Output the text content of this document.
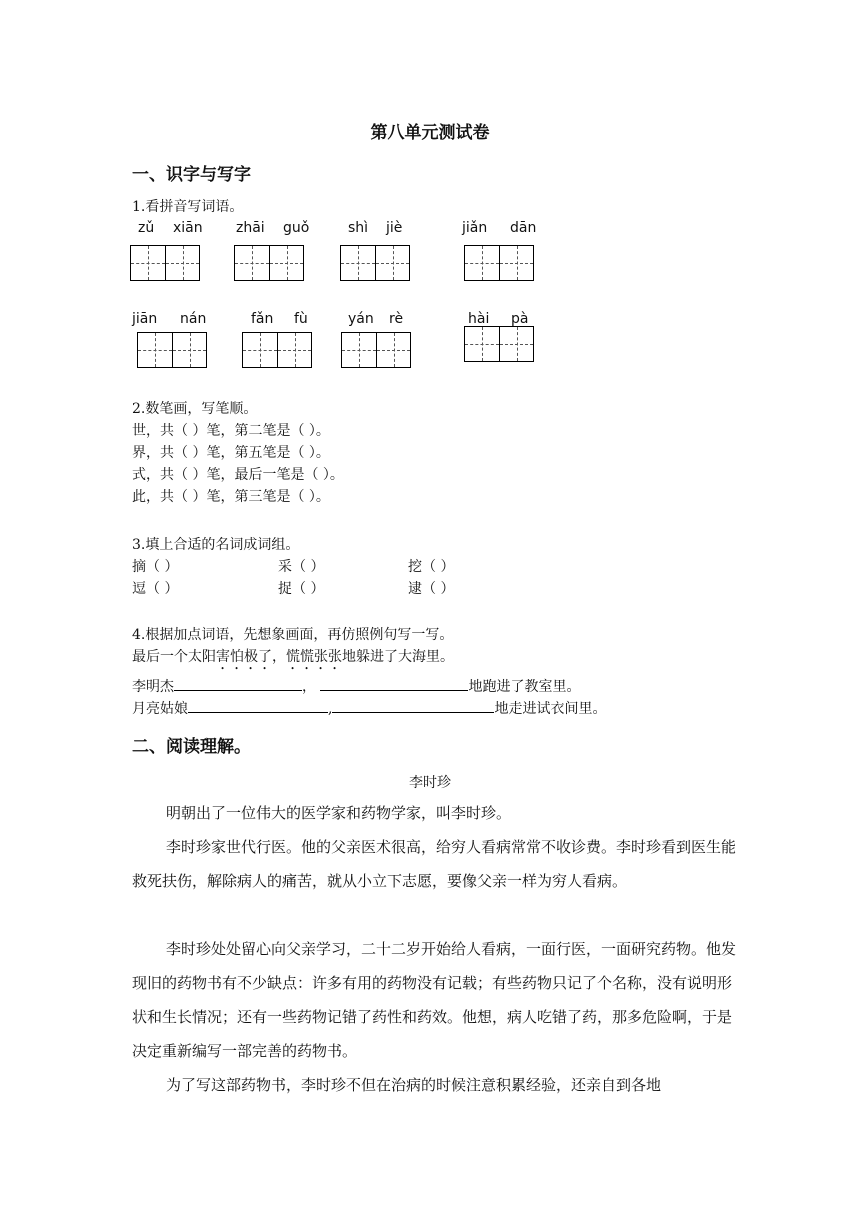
第八单元测试卷
一、识字与写字
1.看拼音写词语。
zǔ xiān zhāi guǒ	shì jiè	jiǎn dān
jiān nán	fǎn fù	yán rè	hài pà
2.数笔画，写笔顺。
世，共（ ）笔，第二笔是（ ）。
界，共（ ）笔，第五笔是（ ）。
式，共（ ）笔，最后一笔是（ ）。
此，共（ ）笔，第三笔是（ ）。
3.填上合适的名词成词组。
摘（ ）	采（ ）	挖（ ）
逗（ ）	捉（ ）	逮（ ）
4.根据加点词语，先想象画面，再仿照例句写一写。
最后一个太阳害怕极了，慌慌张张地躲进了大海里。
李明杰	，	地跑进了教室里。
月亮姑娘	,	地走进试衣间里。
二、阅读理解。
李时珍
明朝出了一位伟大的医学家和药物学家，叫李时珍。
李时珍家世代行医。他的父亲医术很高，给穷人看病常常不收诊费。李时珍看到医生能救死扶伤，解除病人的痛苦，就从小立下志愿，要像父亲一样为穷人看病。
李时珍处处留心向父亲学习，二十二岁开始给人看病，一面行医，一面研究药物。他发现旧的药物书有不少缺点：许多有用的药物没有记载；有些药物只记了个名称，没有说明形状和生长情况；还有一些药物记错了药性和药效。他想，病人吃错了药，那多危险啊，于是决定重新编写一部完善的药物书。
为了写这部药物书，李时珍不但在治病的时候注意积累经验，还亲自到各地
